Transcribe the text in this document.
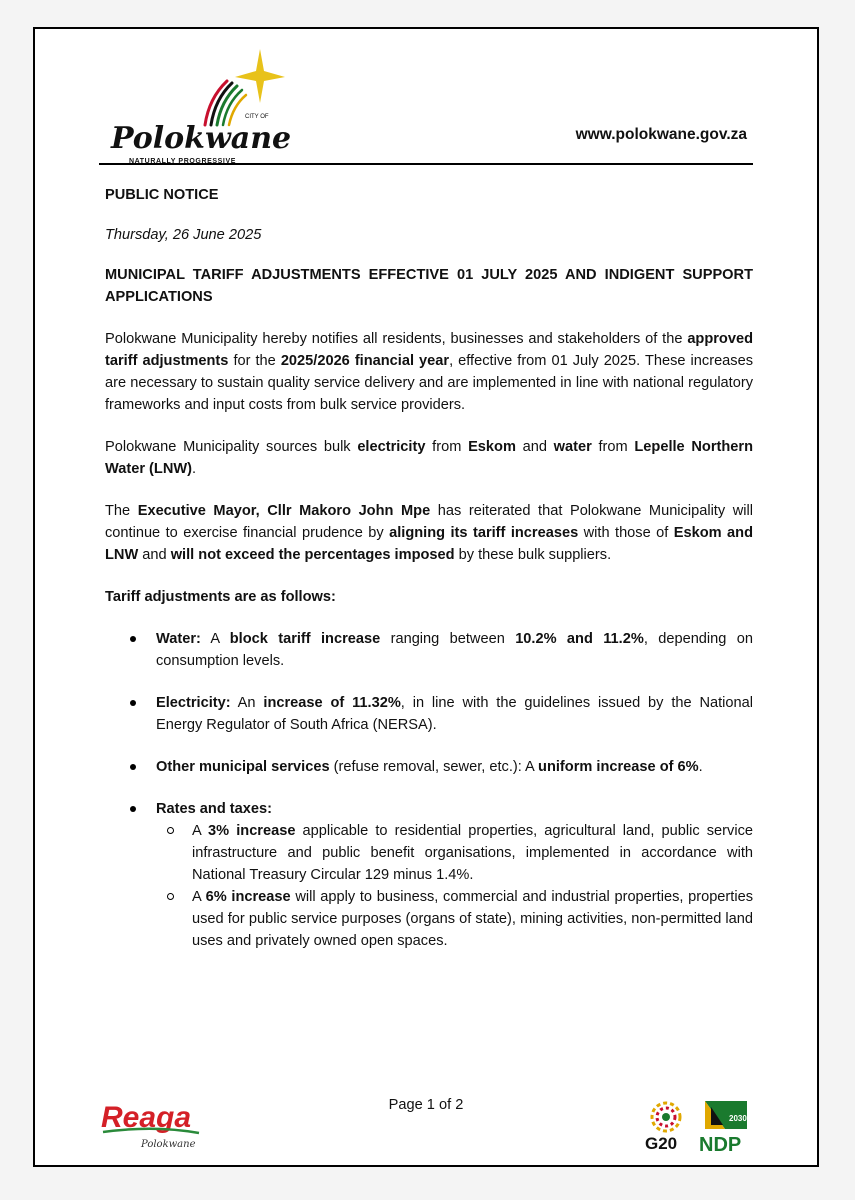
CITY OF
Polokwane
NATURALLY PROGRESSIVE
www.polokwane.gov.za

PUBLIC NOTICE

Thursday, 26 June 2025

MUNICIPAL TARIFF ADJUSTMENTS EFFECTIVE 01 JULY 2025 AND INDIGENT SUPPORT APPLICATIONS

Polokwane Municipality hereby notifies all residents, businesses and stakeholders of the approved tariff adjustments for the 2025/2026 financial year, effective from 01 July 2025. These increases are necessary to sustain quality service delivery and are implemented in line with national regulatory frameworks and input costs from bulk service providers.

Polokwane Municipality sources bulk electricity from Eskom and water from Lepelle Northern Water (LNW).

The Executive Mayor, Cllr Makoro John Mpe has reiterated that Polokwane Municipality will continue to exercise financial prudence by aligning its tariff increases with those of Eskom and LNW and will not exceed the percentages imposed by these bulk suppliers.

Tariff adjustments are as follows:

Water: A block tariff increase ranging between 10.2% and 11.2%, depending on consumption levels.
Electricity: An increase of 11.32%, in line with the guidelines issued by the National Energy Regulator of South Africa (NERSA).
Other municipal services (refuse removal, sewer, etc.): A uniform increase of 6%.
Rates and taxes:
A 3% increase applicable to residential properties, agricultural land, public service infrastructure and public benefit organisations, implemented in accordance with National Treasury Circular 129 minus 1.4%.
A 6% increase will apply to business, commercial and industrial properties, properties used for public service purposes (organs of state), mining activities, non-permitted land uses and privately owned open spaces.
Page 1 of 2
Reaga
Polokwane	G20
2030
NDP
